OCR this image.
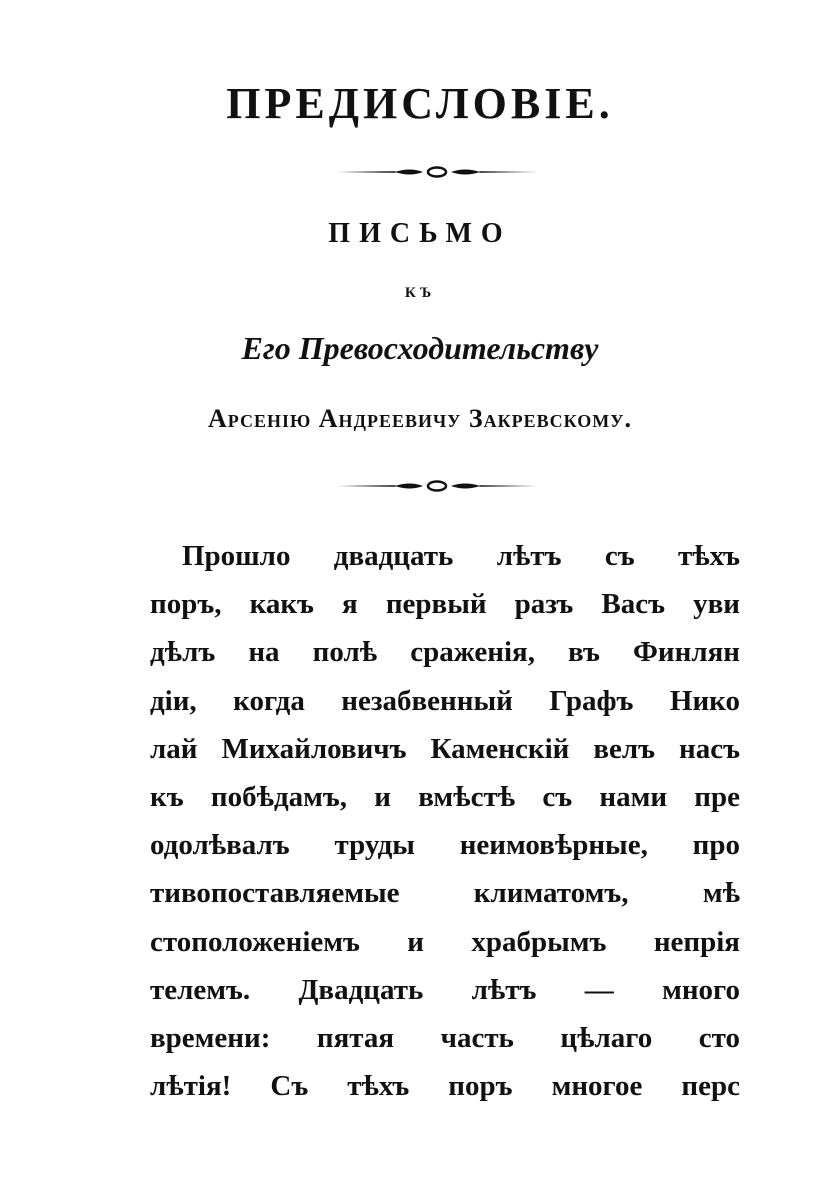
ПРЕДИСЛОВІЕ.
ПИСЬМО
КЪ
Его Превосходительству
Арсенію Андреевичу Закревскому.
Прошло двадцать лѣтъ съ тѣхъ
поръ, какъ я первый разъ Васъ уви
дѣлъ на полѣ сраженія, въ Финлян
діи, когда незабвенный Графъ Нико
лай Михайловичъ Каменскій велъ насъ
къ побѣдамъ, и вмѣстѣ съ нами пре
одолѣвалъ труды неимовѣрные, про
тивопоставляемые климатомъ, мѣ
стоположеніемъ и храбрымъ непрія
телемъ. Двадцать лѣтъ — много
времени: пятая часть цѣлаго сто
лѣтія! Съ тѣхъ поръ многое перс
